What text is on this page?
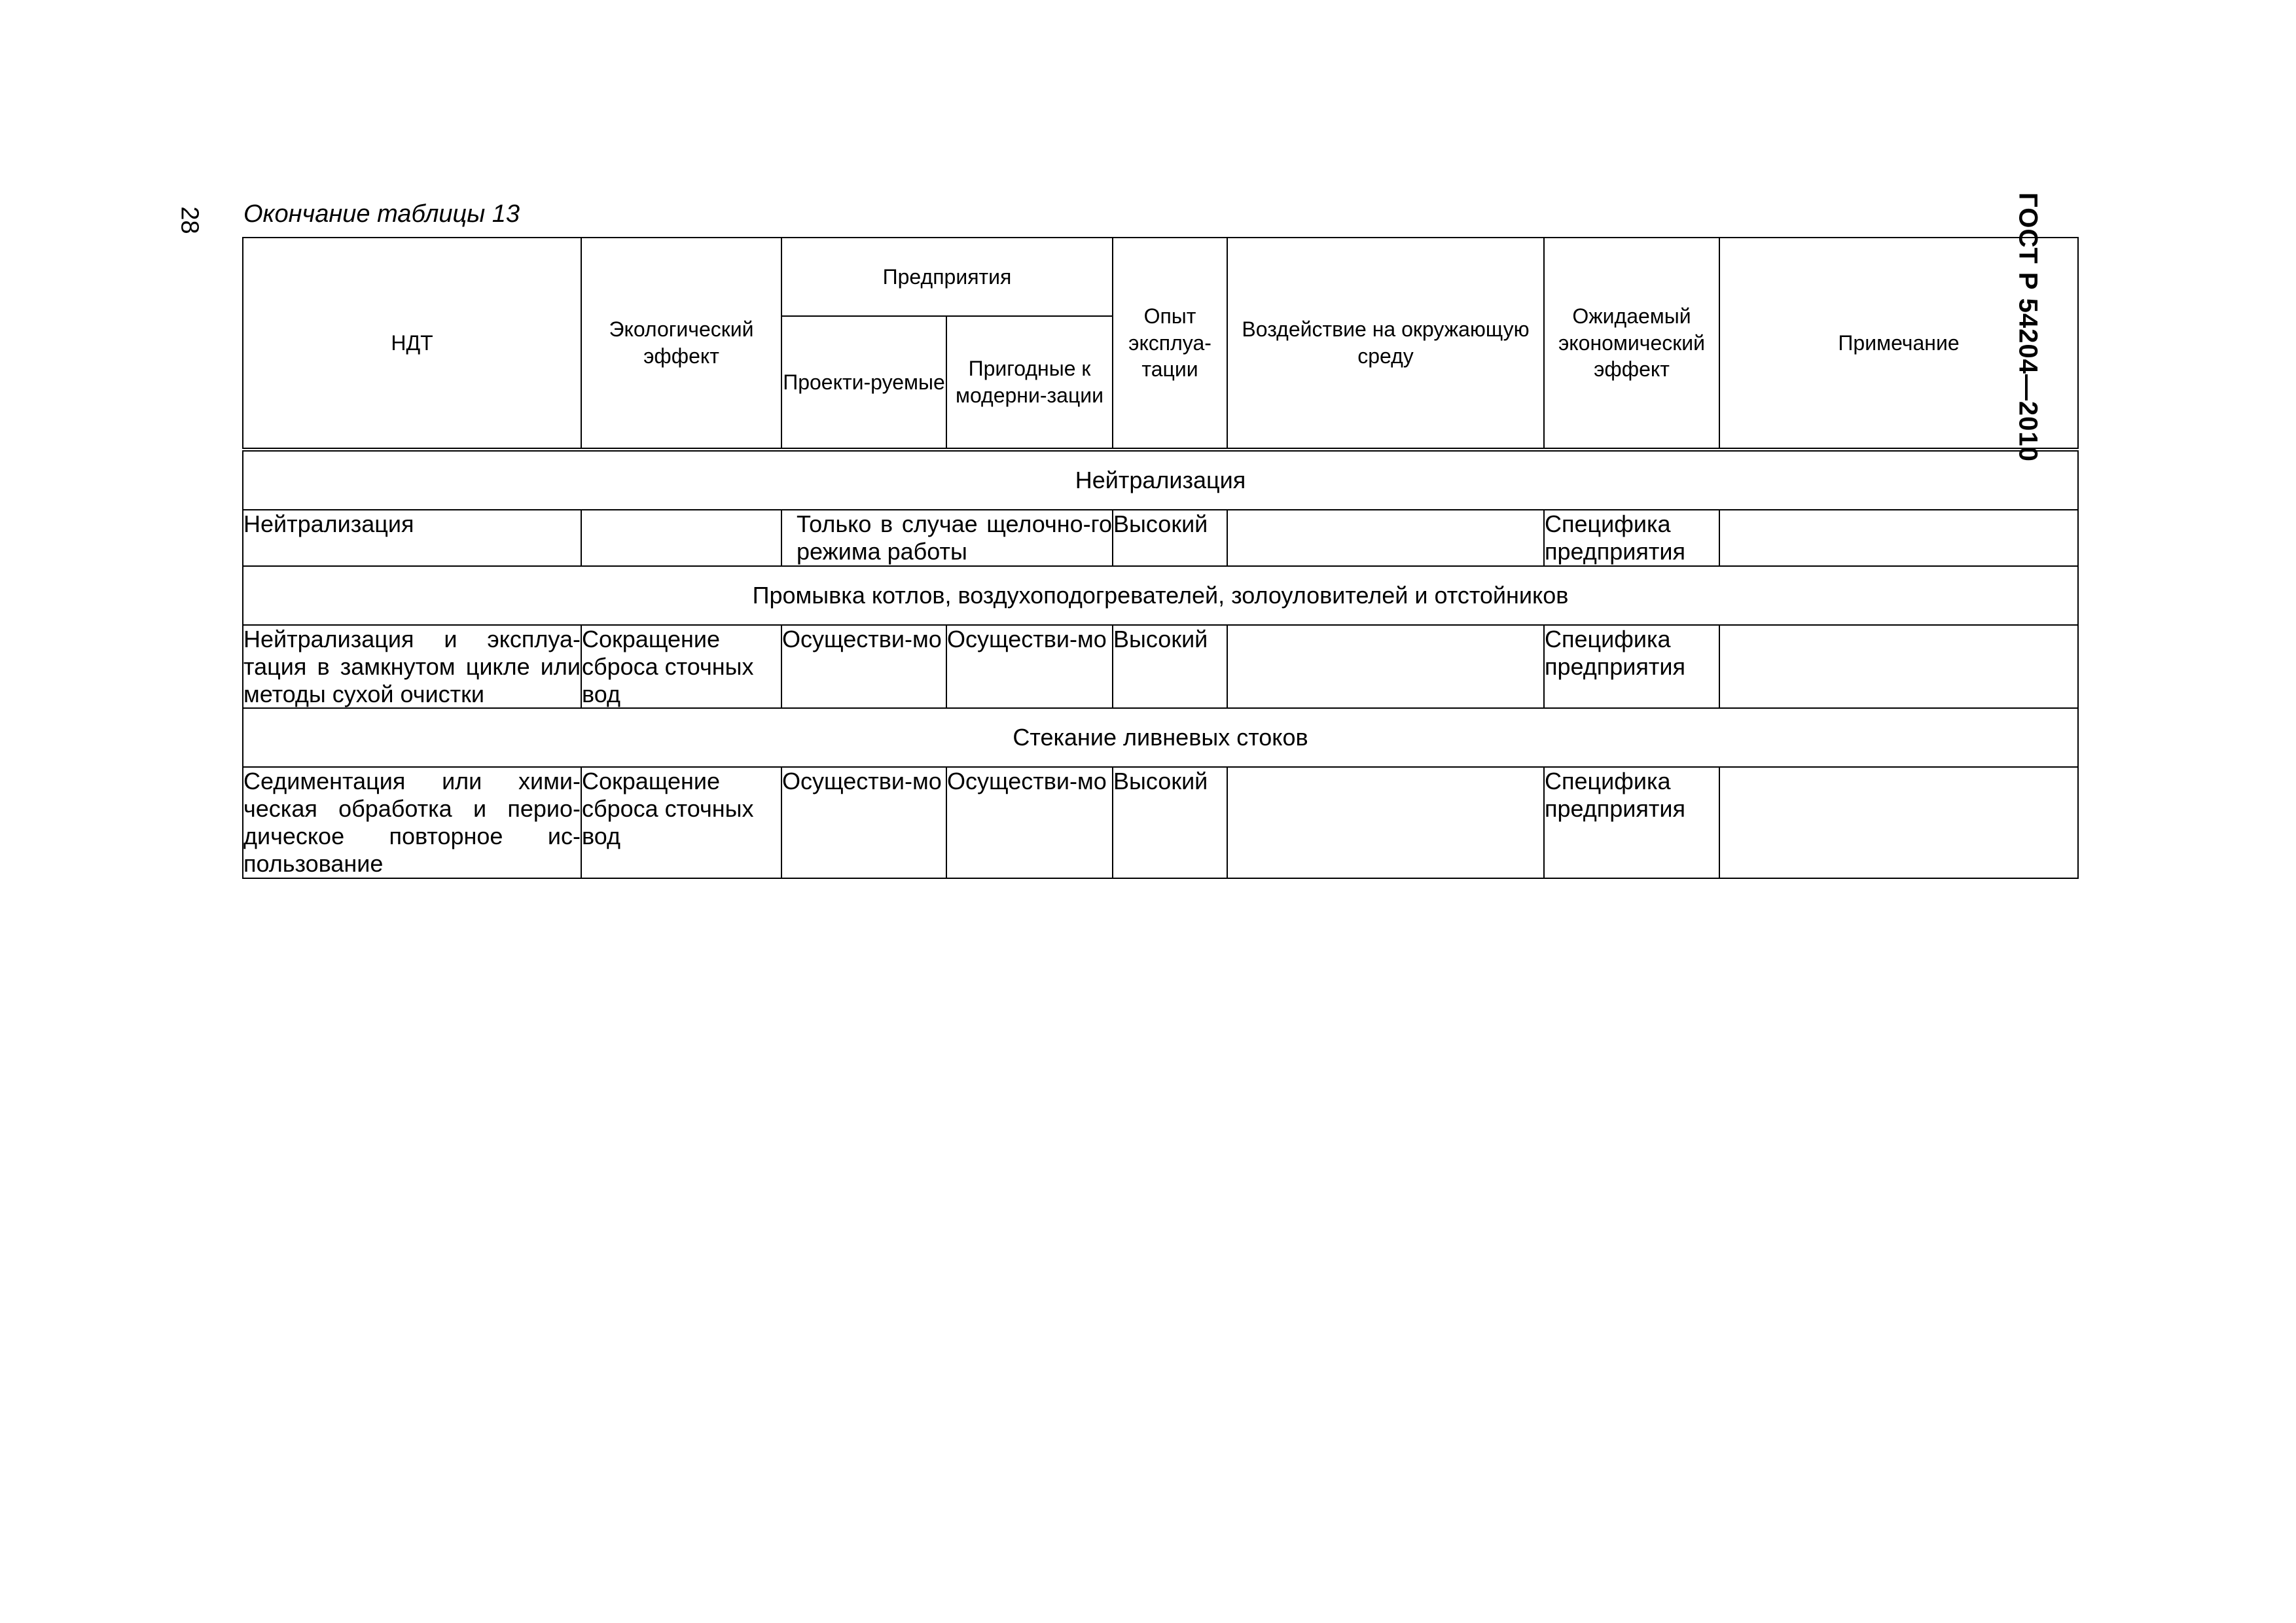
28	ГОСТ Р 54204—2010
Окончание таблицы 13
НДТ	Экологический эффект	Предприятия		Опыт эксплуа-тации	Воздействие на окружающую среду	Ожидаемый экономический эффект	Примечание
		Проекти-руемые	Пригодные к модерни-зации				
Нейтрализация							
Нейтрализация		Только в случае щелочно-го режима работы		Высокий		Специфика предприятия	
Промывка котлов, воздухоподогревателей, золоуловителей и отстойников							
Нейтрализация и эксплуа-тация в замкнутом цикле или методы сухой очистки	Сокращение сброса сточных вод	Осуществи-мо	Осуществи-мо	Высокий		Специфика предприятия	
Стекание ливневых стоков							
Седиментация или хими-ческая обработка и перио-дическое повторное ис-пользование	Сокращение сброса сточных вод	Осуществи-мо	Осуществи-мо	Высокий		Специфика предприятия	
